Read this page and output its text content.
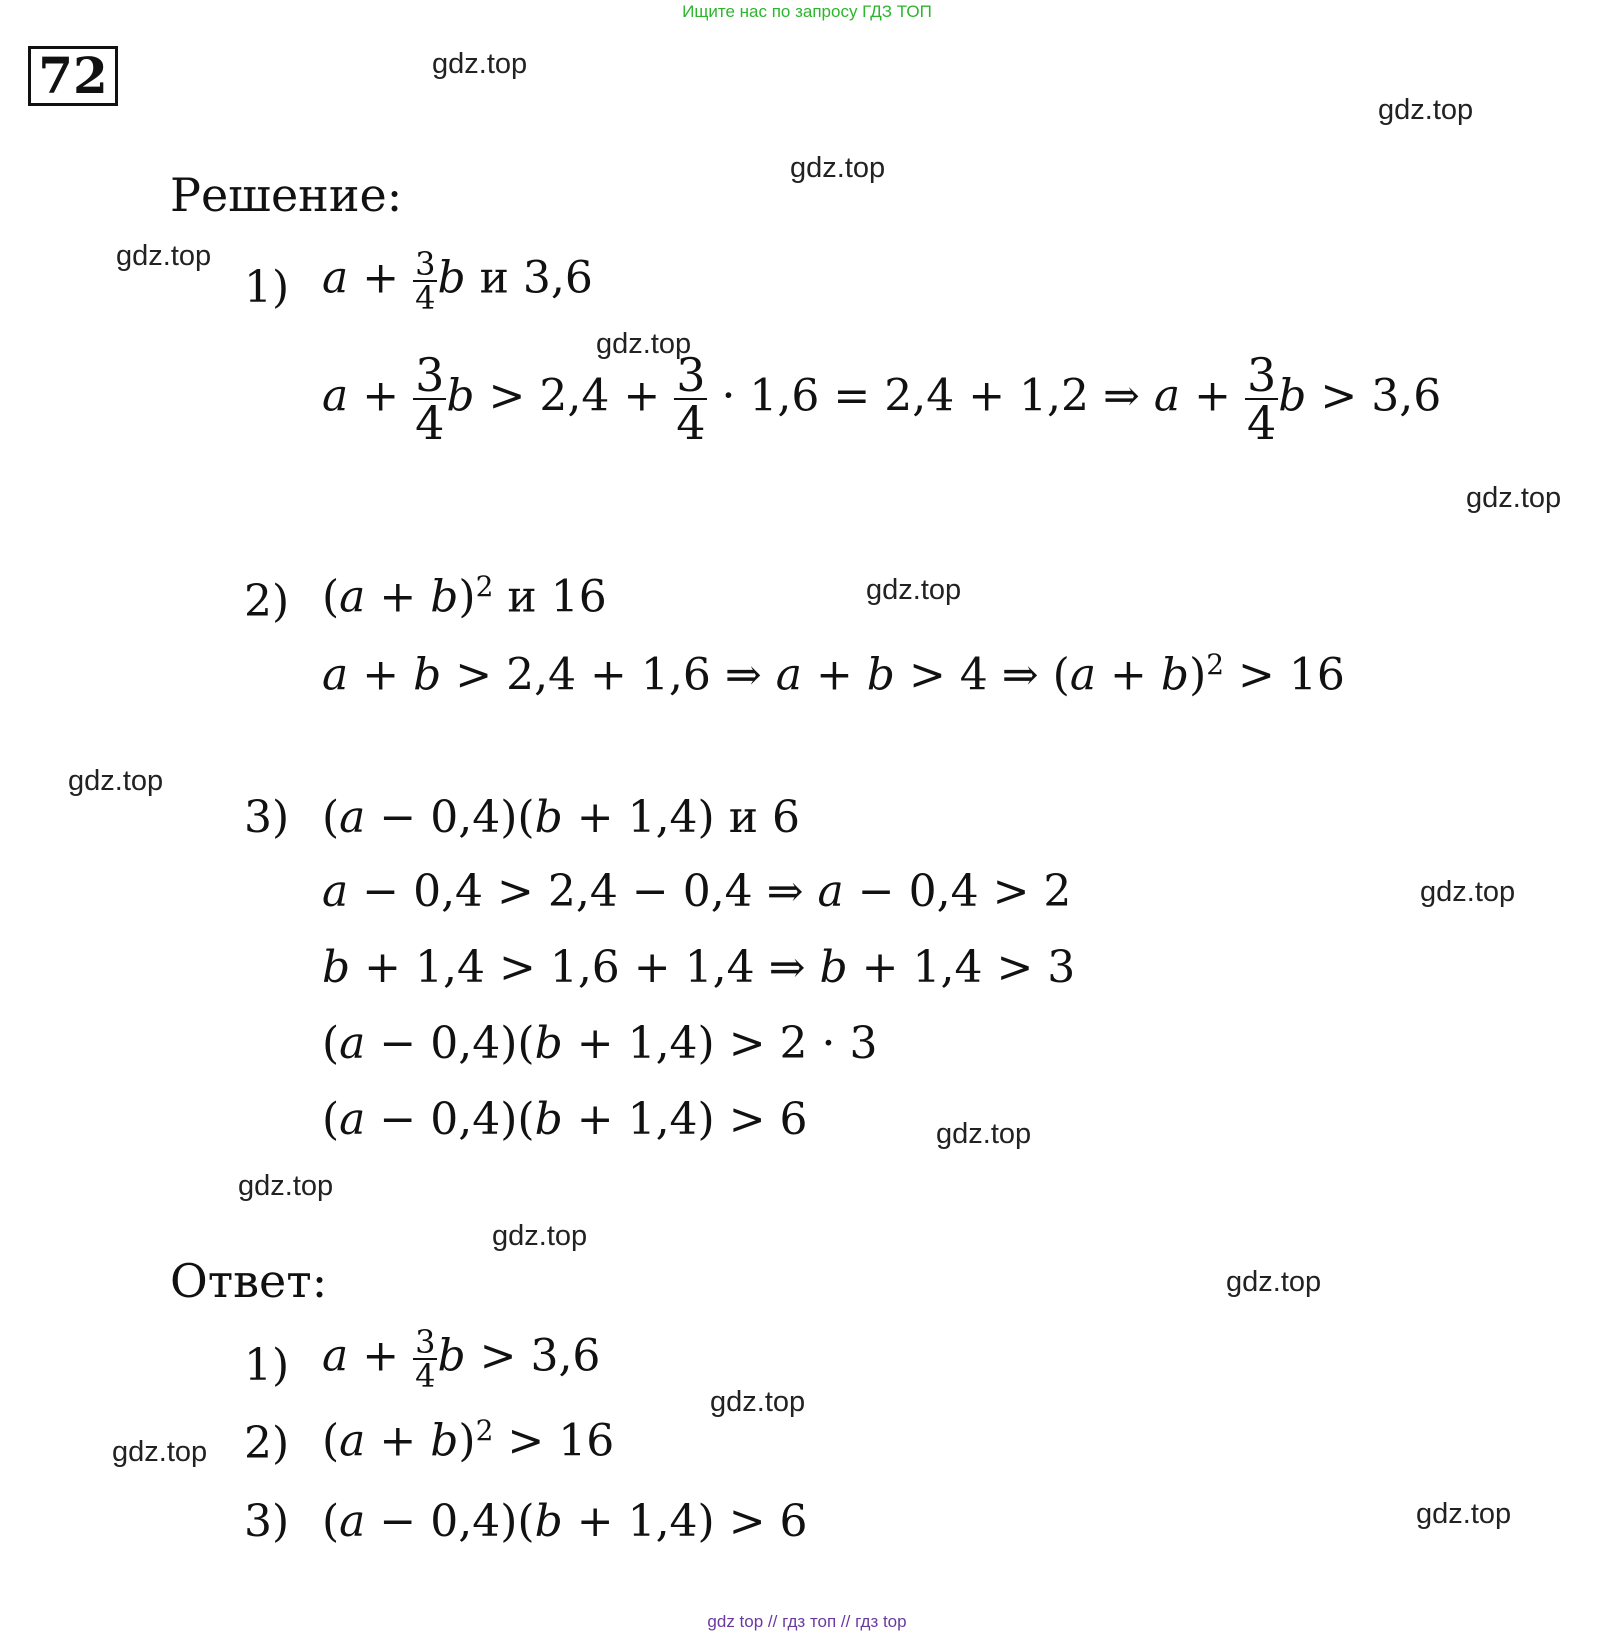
Ищите нас по запросу ГДЗ ТОП
72	gdz.top
gdz.top
gdz.top
gdz.top
gdz.top
gdz.top
gdz.top
gdz.top
gdz.top
gdz.top
gdz.top
gdz.top
gdz.top
gdz.top
gdz.top
gdz.top
Решение:
1) $a + \frac{3}{4}$ b и 3,6
$a + \frac{3}{4}$ $b > 2,4 + \frac{3}{4} \cdot 1,6 = 2,4 + 1,2$ ⇒ $a + \frac{3}{4}$ b > 3,6
2) $(a + b)^2$ и 16
a + b > 2,4 + 1,6 ⇒ a + b > 4 ⇒ $(a + b)^2 > 16$
3) (a − 0,4)(b + 1,4) и 6
a − 0,4 > 2,4 − 0,4 ⇒ a − 0,4 > 2
b + 1,4 > 1,6 + 1,4 ⇒ b + 1,4 > 3
(a − 0,4)(b + 1,4) > 2 · 3
(a − 0,4)(b + 1,4) > 6
Ответ:
1) $a + \frac{3}{4}$ b > 3,6
2) $(a + b)^2 > 16$
3) (a − 0,4)(b + 1,4) > 6
gdz top // гдз топ // гдз top
